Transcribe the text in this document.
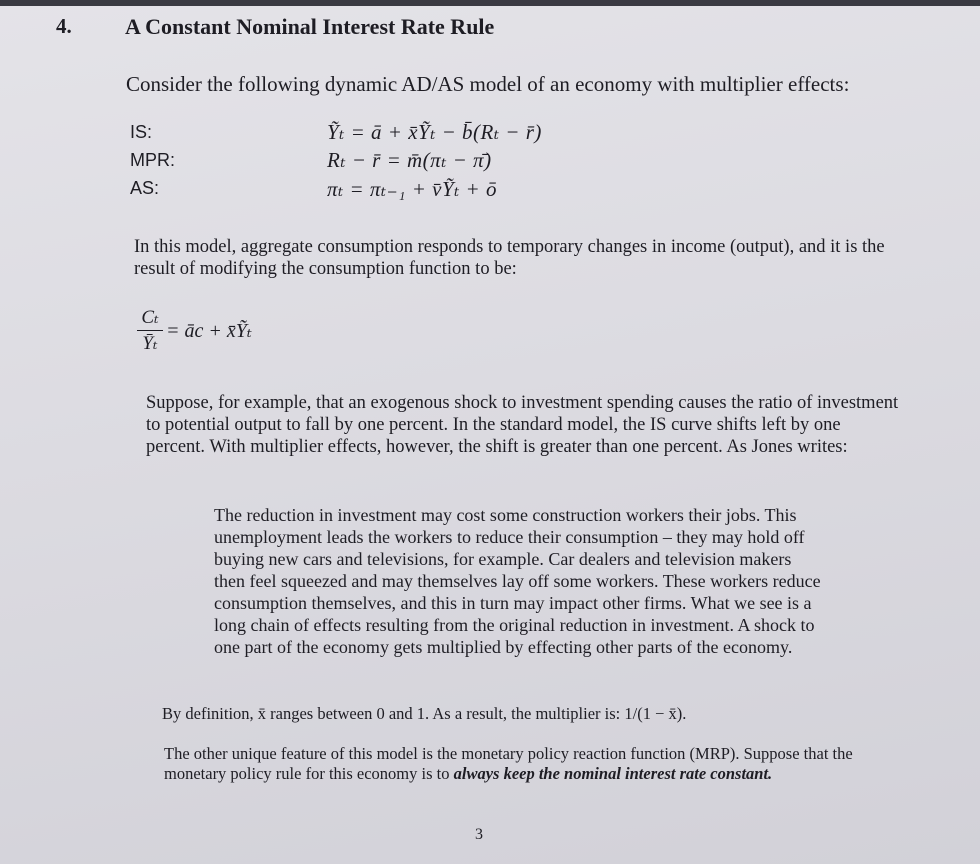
4. A Constant Nominal Interest Rate Rule
Consider the following dynamic AD/AS model of an economy with multiplier effects:
IS:
MPR:
AS:
Ỹₜ = ā + x̄Ỹₜ − b̄(Rₜ − r̄)
Rₜ − r̄ = m̄(πₜ − π̄)
πₜ = πₜ₋₁ + v̄Ỹₜ + ō
In this model, aggregate consumption responds to temporary changes in income (output), and it is the result of modifying the consumption function to be:
$\frac{\text{Cₜ}}{\text{Ȳₜ}}$ = āc + x̄Ỹₜ
Suppose, for example, that an exogenous shock to investment spending causes the ratio of investment to potential output to fall by one percent. In the standard model, the IS curve shifts left by one percent. With multiplier effects, however, the shift is greater than one percent. As Jones writes:
The reduction in investment may cost some construction workers their jobs. This unemployment leads the workers to reduce their consumption – they may hold off buying new cars and televisions, for example. Car dealers and television makers then feel squeezed and may themselves lay off some workers. These workers reduce consumption themselves, and this in turn may impact other firms. What we see is a long chain of effects resulting from the original reduction in investment. A shock to one part of the economy gets multiplied by effecting other parts of the economy.
By definition, x̄ ranges between 0 and 1. As a result, the multiplier is: 1/(1 − x̄).
The other unique feature of this model is the monetary policy reaction function (MRP). Suppose that the monetary policy rule for this economy is to always keep the nominal interest rate constant.
3
